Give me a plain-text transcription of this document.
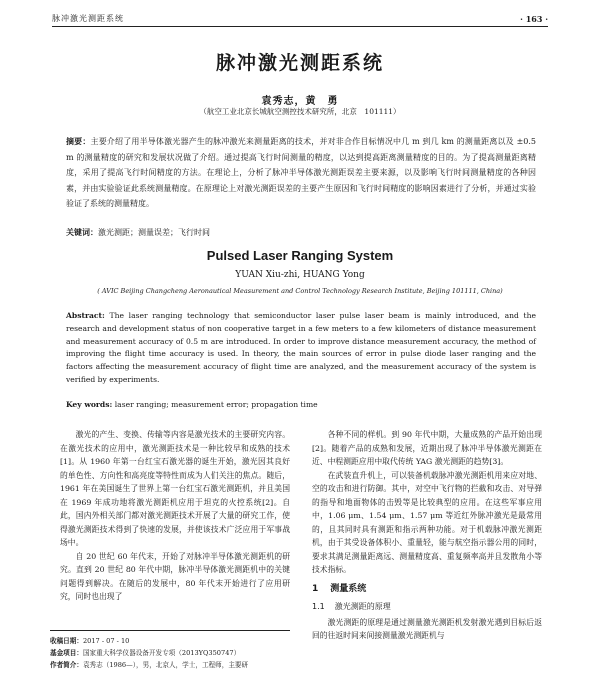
脉冲激光测距系统	· 163 ·
脉冲激光测距系统
袁秀志，黄　勇
（航空工业北京长城航空测控技术研究所，北京　101111）
摘要：主要介绍了用半导体激光器产生的脉冲激光来测量距离的技术，并对非合作目标情况中几 m 到几 km 的测量距离以及 ±0.5 m 的测量精度的研究和发展状况做了介绍。通过提高飞行时间测量的精度，以达到提高距离测量精度的目的。为了提高测量距离精度，采用了提高飞行时间精度的方法。在理论上，分析了脉冲半导体激光测距误差主要来源，以及影响飞行时间测量精度的各种因素，并由实验验证此系统测量精度。在原理论上对激光测距误差的主要产生原因和飞行时间精度的影响因素进行了分析，并通过实验验证了系统的测量精度。
关键词：激光测距；测量误差；飞行时间
Pulsed Laser Ranging System
YUAN Xiu-zhi, HUANG Yong
( AVIC Beijing Changcheng Aeronautical Measurement and Control Technology Research Institute, Beijing 101111, China)
Abstract: The laser ranging technology that semiconductor laser pulse laser beam is mainly introduced, and the research and development status of non cooperative target in a few meters to a few kilometers of distance measurement and measurement accuracy of 0.5 m are introduced. In order to improve distance measurement accuracy, the method of improving the flight time accuracy is used. In theory, the main sources of error in pulse diode laser ranging and the factors affecting the measurement accuracy of flight time are analyzed, and the measurement accuracy of the system is verified by experiments.
Key words: laser ranging; measurement error; propagation time

激光的产生、变换、传输等内容是激光技术的主要研究内容。在激光技术的应用中，激光测距技术是一种比较早和成熟的技术[1]。从 1960 年第一台红宝石激光器的诞生开始，激光因其良好的单色性、方向性和高亮度等特性而成为人们关注的焦点。随后，1961 年在美国诞生了世界上第一台红宝石激光测距机，并且美国在 1969 年成功地将激光测距机应用于坦克的火控系统[2]。自此，国内外相关部门都对激光测距技术开展了大量的研究工作，使得激光测距技术得到了快速的发展，并使该技术广泛应用于军事战场中。

自 20 世纪 60 年代末，开始了对脉冲半导体激光测距机的研究。直到 20 世纪 80 年代中期，脉冲半导体激光测距机中的关键问题得到解决。在随后的发展中，80 年代末开始进行了应用研究，同时也出现了

各种不同的样机。到 90 年代中期，大量成熟的产品开始出现[2]。随着产品的成熟和发展，近期出现了脉冲半导体激光测距在近、中程测距应用中取代传统 YAG 激光测距的趋势[3]。

在武装直升机上，可以装备机载脉冲激光测距机用来应对地、空的攻击和进行防御。其中，对空中飞行物的拦截和攻击、对导弹的指导和地面物体的击毁等是比较典型的应用。在这些军事应用中，1.06 μm、1.54 μm、1.57 μm 等近红外脉冲激光是最常用的，且其同时具有测距和指示两种功能。对于机载脉冲激光测距机，由于其受设备体积小、重量轻，能与航空指示器公用的同时，要求其满足测量距离远、测量精度高、重复频率高并且发散角小等技术指标。

1 测量系统
1.1 激光测距的原理

激光测距的原理是通过测量激光测距机发射激光遇到目标后返回的往返时间来间接测量激光测距机与

收稿日期：2017 - 07 - 10
基金项目：国家重大科学仪器设备开发专项（2013YQ350747）
作者简介：袁秀志（1986—），男，北京人，学士，工程师，主要研
